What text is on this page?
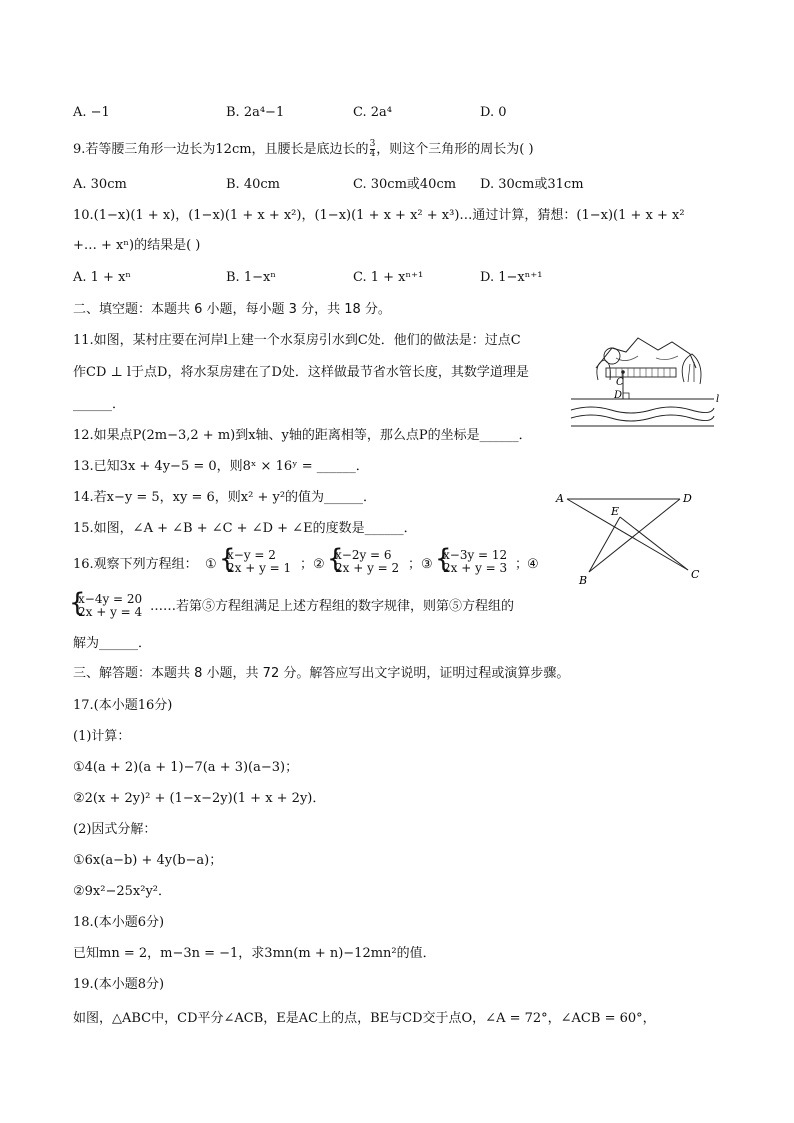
A. −1	B. 2a⁴−1	C. 2a⁴	D. 0
9.若等腰三角形一边长为12cm，且腰长是底边长的 $\frac{3}{4}$ ，则这个三角形的周长为( )
A. 30cm	B. 40cm	C. 30cm或40cm D. 30cm或31cm
10.(1−x)(1 + x)，(1−x)(1 + x + x²)，(1−x)(1 + x + x² + x³)…通过计算，猜想：(1−x)(1 + x + x²
+… + xⁿ)的结果是( )
A. 1 + xⁿ	B. 1−xⁿ	C. 1 + xⁿ⁺¹	D. 1−xⁿ⁺¹
二、填空题：本题共 6 小题，每小题 3 分，共 18 分。
11.如图，某村庄要在河岸l上建一个水泵房引水到C处．他们的做法是：过点C
作CD ⊥ l于点D，将水泵房建在了D处．这样做最节省水管长度，其数学道理是
______．
C
D	l
12.如果点P(2m−3,2 + m)到x轴、y轴的距离相等，那么点P的坐标是______．
13.已知3x + 4y−5 = 0，则8ˣ × 16ʸ = ______．
14.若x−y = 5，xy = 6，则x² + y²的值为______．
15.如图，∠A + ∠B + ∠C + ∠D + ∠E的度数是______．
A	D
E
B	C
16.观察下列方程组： ① {
x−y = 2
2x + y = 1 ； ② {
x−2y = 6
2x + y = 2 ； ③ {
x−3y = 12
2x + y = 3 ；
④
{
x−4y = 20
2x + y = 4 ……若第⑤方程组满足上述方程组的数字规律，则第⑤方程组的
解为______．
三、解答题：本题共 8 小题，共 72 分。解答应写出文字说明，证明过程或演算步骤。
17.(本小题16分)
(1)计算：
①4(a + 2)(a + 1)−7(a + 3)(a−3)；
②2(x + 2y)² + (1−x−2y)(1 + x + 2y)．
(2)因式分解：
①6x(a−b) + 4y(b−a)；
②9x²−25x²y²．
18.(本小题6分)
已知mn = 2，m−3n = −1，求3mn(m + n)−12mn²的值．
19.(本小题8分)
如图，△ABC中，CD平分∠ACB，E是AC上的点，BE与CD交于点O，∠A = 72°，∠ACB = 60°，
